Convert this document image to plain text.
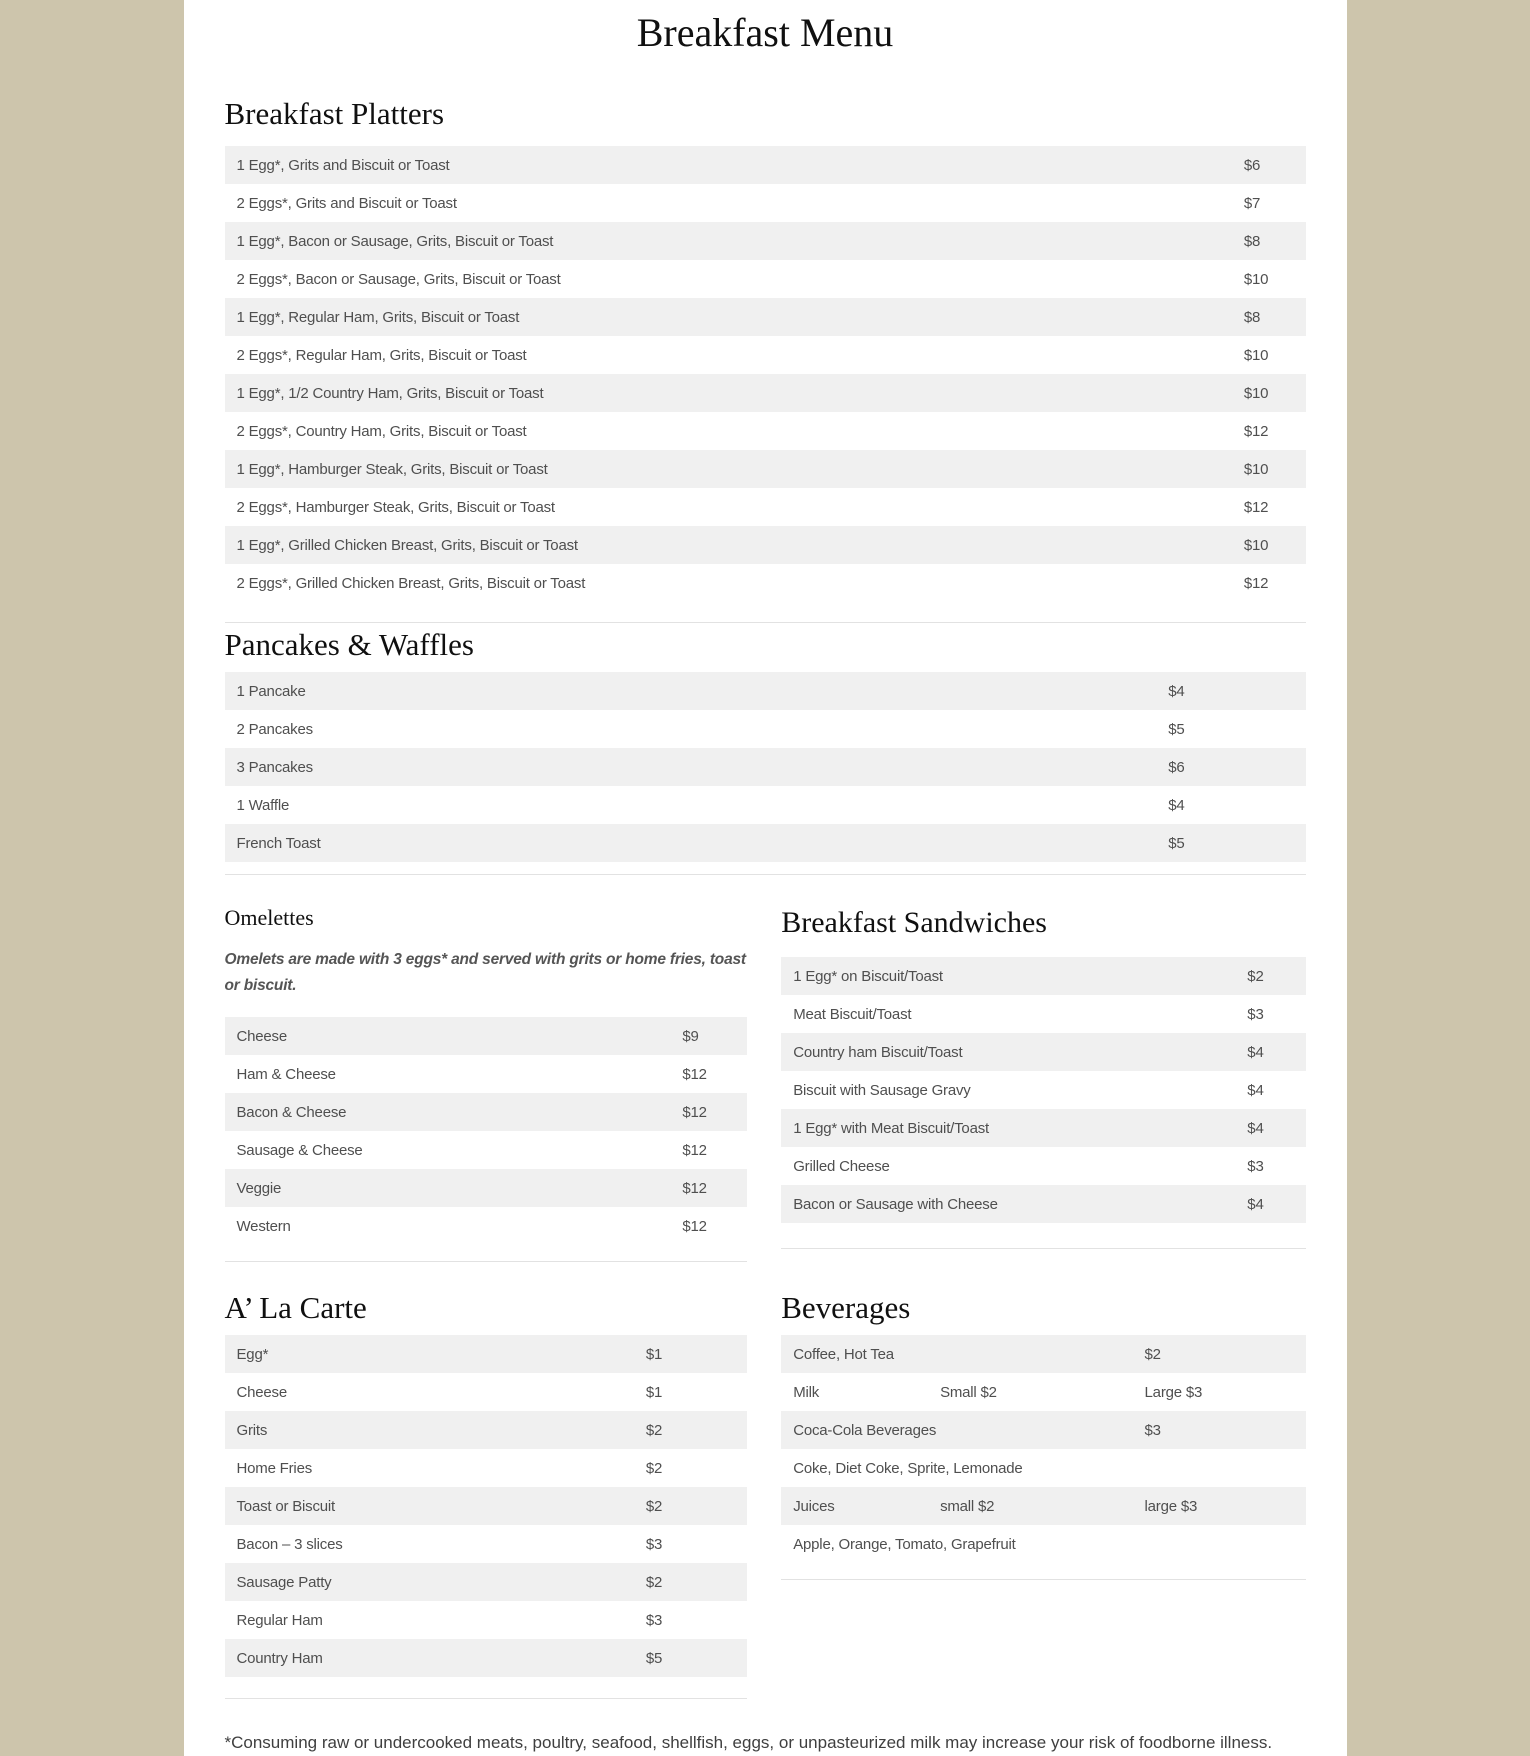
Breakfast Menu
Breakfast Platters
1 Egg*, Grits and Biscuit or Toast	$6
2 Eggs*, Grits and Biscuit or Toast	$7
1 Egg*, Bacon or Sausage, Grits, Biscuit or Toast	$8
2 Eggs*, Bacon or Sausage, Grits, Biscuit or Toast	$10
1 Egg*, Regular Ham, Grits, Biscuit or Toast	$8
2 Eggs*, Regular Ham, Grits, Biscuit or Toast	$10
1 Egg*, 1/2 Country Ham, Grits, Biscuit or Toast	$10
2 Eggs*, Country Ham, Grits, Biscuit or Toast	$12
1 Egg*, Hamburger Steak, Grits, Biscuit or Toast	$10
2 Eggs*, Hamburger Steak, Grits, Biscuit or Toast	$12
1 Egg*, Grilled Chicken Breast, Grits, Biscuit or Toast	$10
2 Eggs*, Grilled Chicken Breast, Grits, Biscuit or Toast	$12
Pancakes & Waffles
1 Pancake	$4
2 Pancakes	$5
3 Pancakes	$6
1 Waffle	$4
French Toast	$5
Omelettes

Omelets are made with 3 eggs* and served with grits or home fries, toast or biscuit.

Cheese	$9
Ham & Cheese	$12
Bacon & Cheese	$12
Sausage & Cheese	$12
Veggie	$12
Western	$12
Breakfast Sandwiches
1 Egg* on Biscuit/Toast	$2
Meat Biscuit/Toast	$3
Country ham Biscuit/Toast	$4
Biscuit with Sausage Gravy	$4
1 Egg* with Meat Biscuit/Toast	$4
Grilled Cheese	$3
Bacon or Sausage with Cheese	$4
A’ La Carte
Egg*	$1
Cheese	$1
Grits	$2
Home Fries	$2
Toast or Biscuit	$2
Bacon – 3 slices	$3
Sausage Patty	$2
Regular Ham	$3
Country Ham	$5
Beverages
Coffee, Hot Tea	$2
Milk	Small $2	Large $3
Coca-Cola Beverages	$3
Coke, Diet Coke, Sprite, Lemonade
Juices	small $2	large $3
Apple, Orange, Tomato, Grapefruit

*Consuming raw or undercooked meats, poultry, seafood, shellfish, eggs, or unpasteurized milk may increase your risk of foodborne illness.
